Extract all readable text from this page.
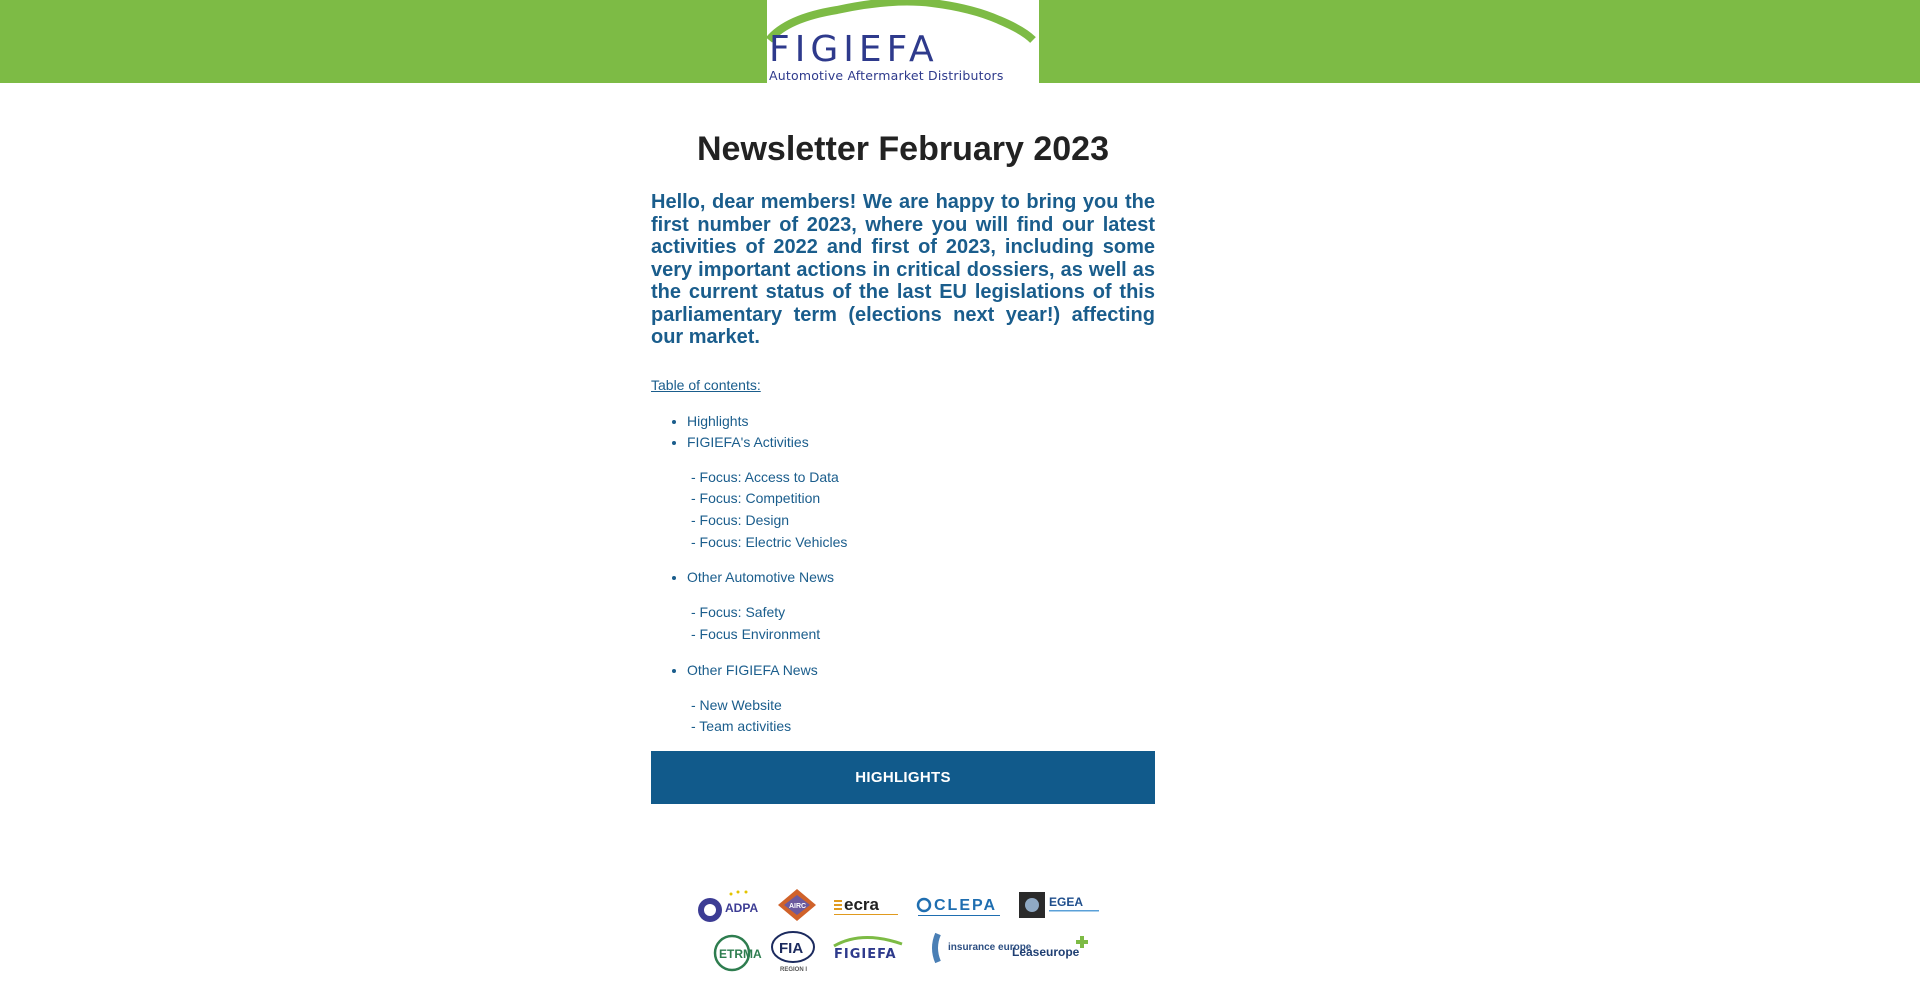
FIGIEFA
Automotive Aftermarket Distributors
Newsletter February 2023

Hello, dear members! We are happy to bring you the first number of 2023, where you will find our latest activities of 2022 and first of 2023, including some very important actions in critical dossiers, as well as the current status of the last EU legislations of this parliamentary term (elections next year!) affecting our market.

Table of contents:

• Highlights
• FIGIEFA's Activities
- Focus: Access to Data
- Focus: Competition
- Focus: Design
- Focus: Electric Vehicles
• Other Automotive News
- Focus: Safety
- Focus Environment
• Other FIGIEFA News
- New Website
- Team activities
HIGHLIGHTS
ADPA	AIRC ecra	CLEPA	EGEA
ETRMA FIA
REGION I
FIGIEFA	insurance europe
Leaseurope
